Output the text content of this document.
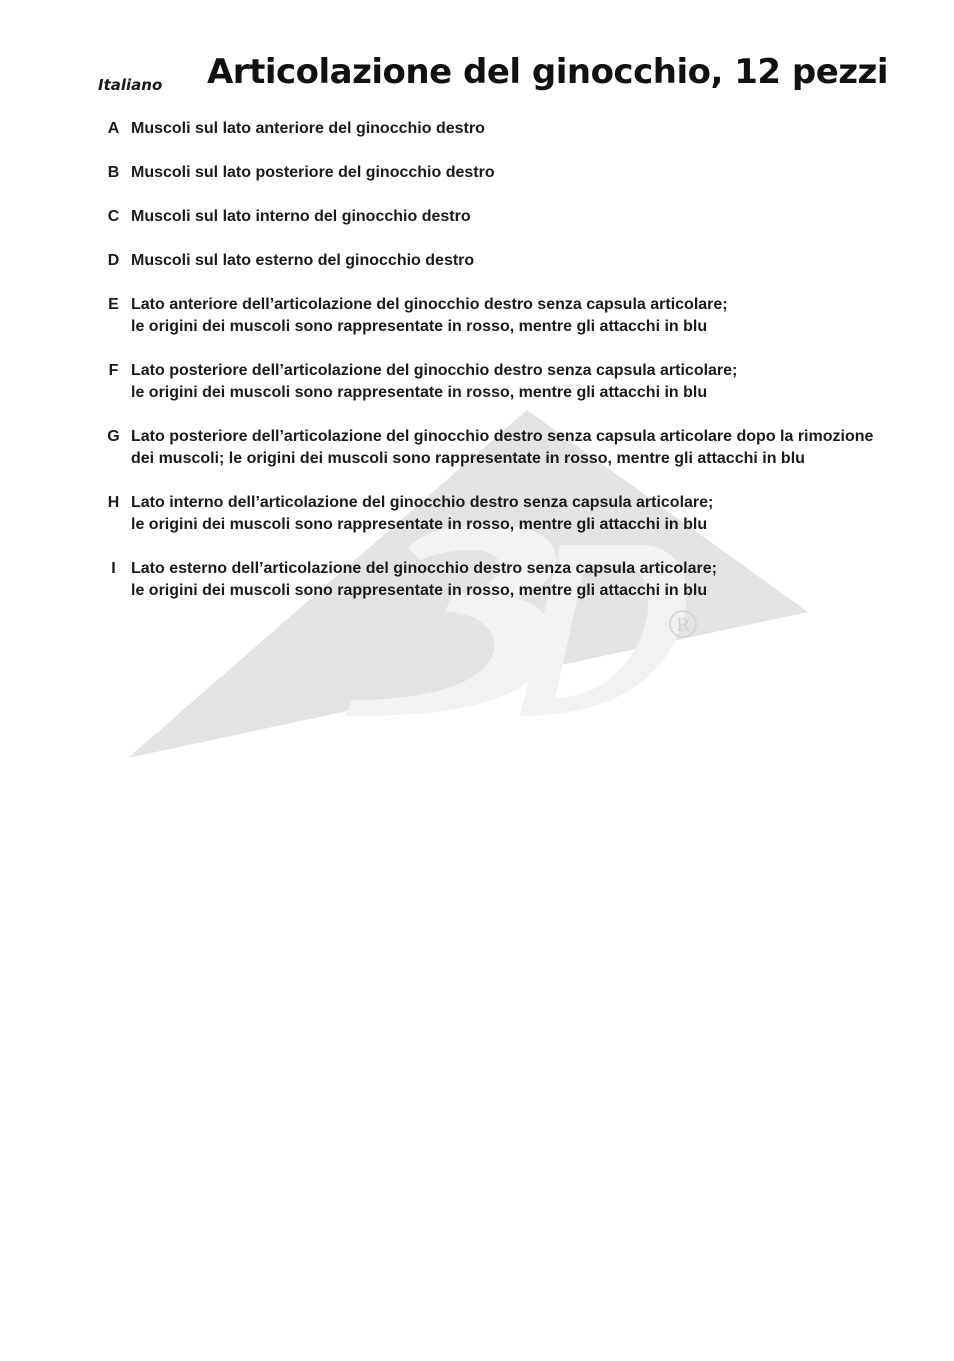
R
Italiano Articolazione del ginocchio, 12 pezzi
A Muscoli sul lato anteriore del ginocchio destro
B Muscoli sul lato posteriore del ginocchio destro
C Muscoli sul lato interno del ginocchio destro
D Muscoli sul lato esterno del ginocchio destro
E Lato anteriore dell’articolazione del ginocchio destro senza capsula articolare;
le origini dei muscoli sono rappresentate in rosso, mentre gli attacchi in blu
F Lato posteriore dell’articolazione del ginocchio destro senza capsula articolare;
le origini dei muscoli sono rappresentate in rosso, mentre gli attacchi in blu
G Lato posteriore dell’articolazione del ginocchio destro senza capsula articolare dopo la rimozione
dei muscoli; le origini dei muscoli sono rappresentate in rosso, mentre gli attacchi in blu
H Lato interno dell’articolazione del ginocchio destro senza capsula articolare;
le origini dei muscoli sono rappresentate in rosso, mentre gli attacchi in blu
I Lato esterno dell’articolazione del ginocchio destro senza capsula articolare;
le origini dei muscoli sono rappresentate in rosso, mentre gli attacchi in blu
